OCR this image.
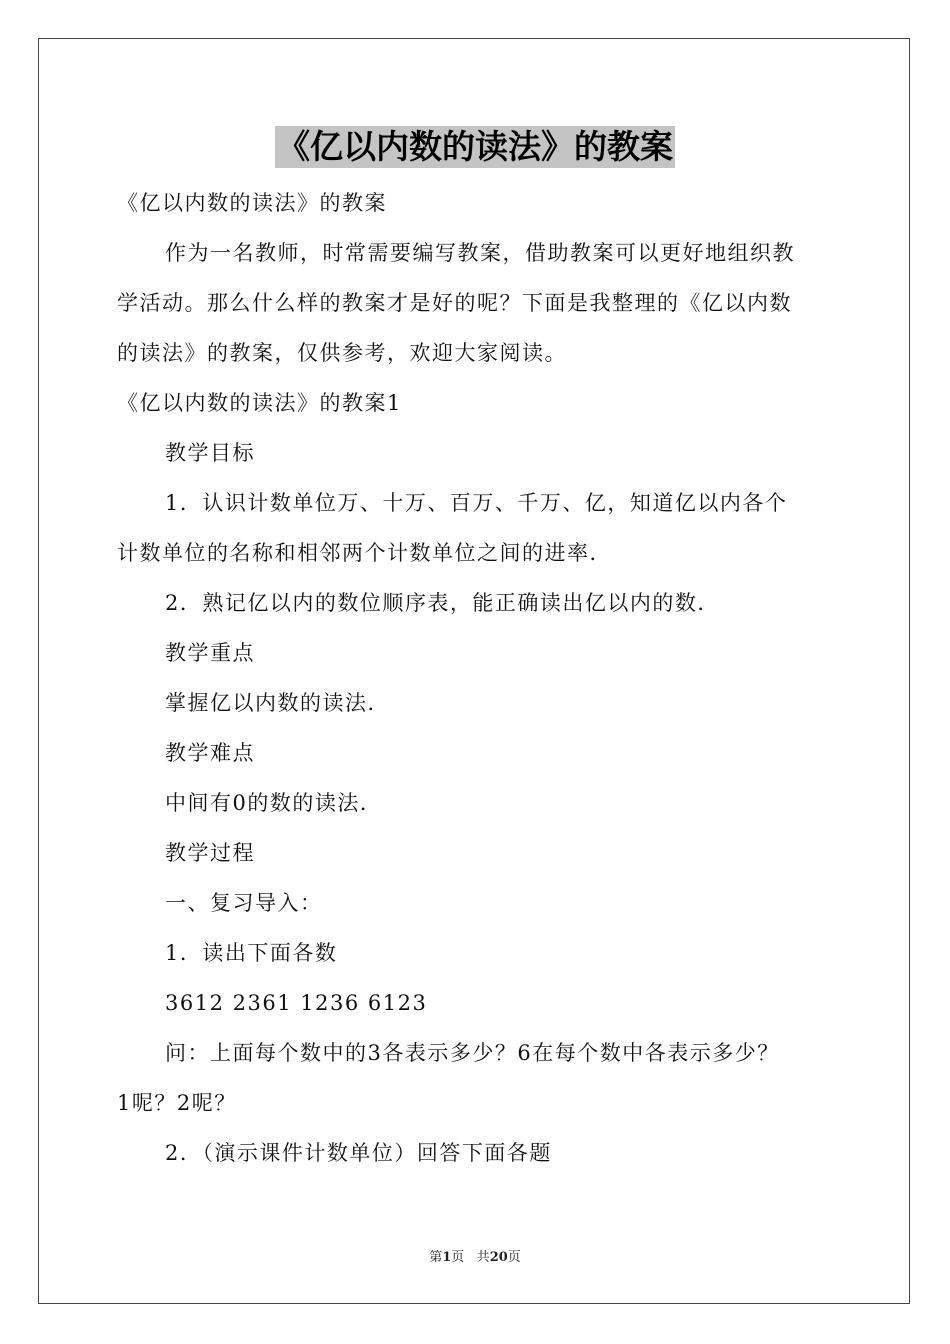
《亿以内数的读法》的教案

《亿以内数的读法》的教案

作为一名教师，时常需要编写教案，借助教案可以更好地组织教

学活动。那么什么样的教案才是好的呢？下面是我整理的《亿以内数

的读法》的教案，仅供参考，欢迎大家阅读。

《亿以内数的读法》的教案1

教学目标

1．认识计数单位万、十万、百万、千万、亿，知道亿以内各个

计数单位的名称和相邻两个计数单位之间的进率．

2．熟记亿以内的数位顺序表，能正确读出亿以内的数．

教学重点

掌握亿以内数的读法．

教学难点

中间有0的数的读法．

教学过程

一、复习导入：

1．读出下面各数

3612 2361 1236 6123

问：上面每个数中的3各表示多少？6在每个数中各表示多少？

1呢？2呢？

2．（演示课件计数单位）回答下面各题

第1页 共20页
